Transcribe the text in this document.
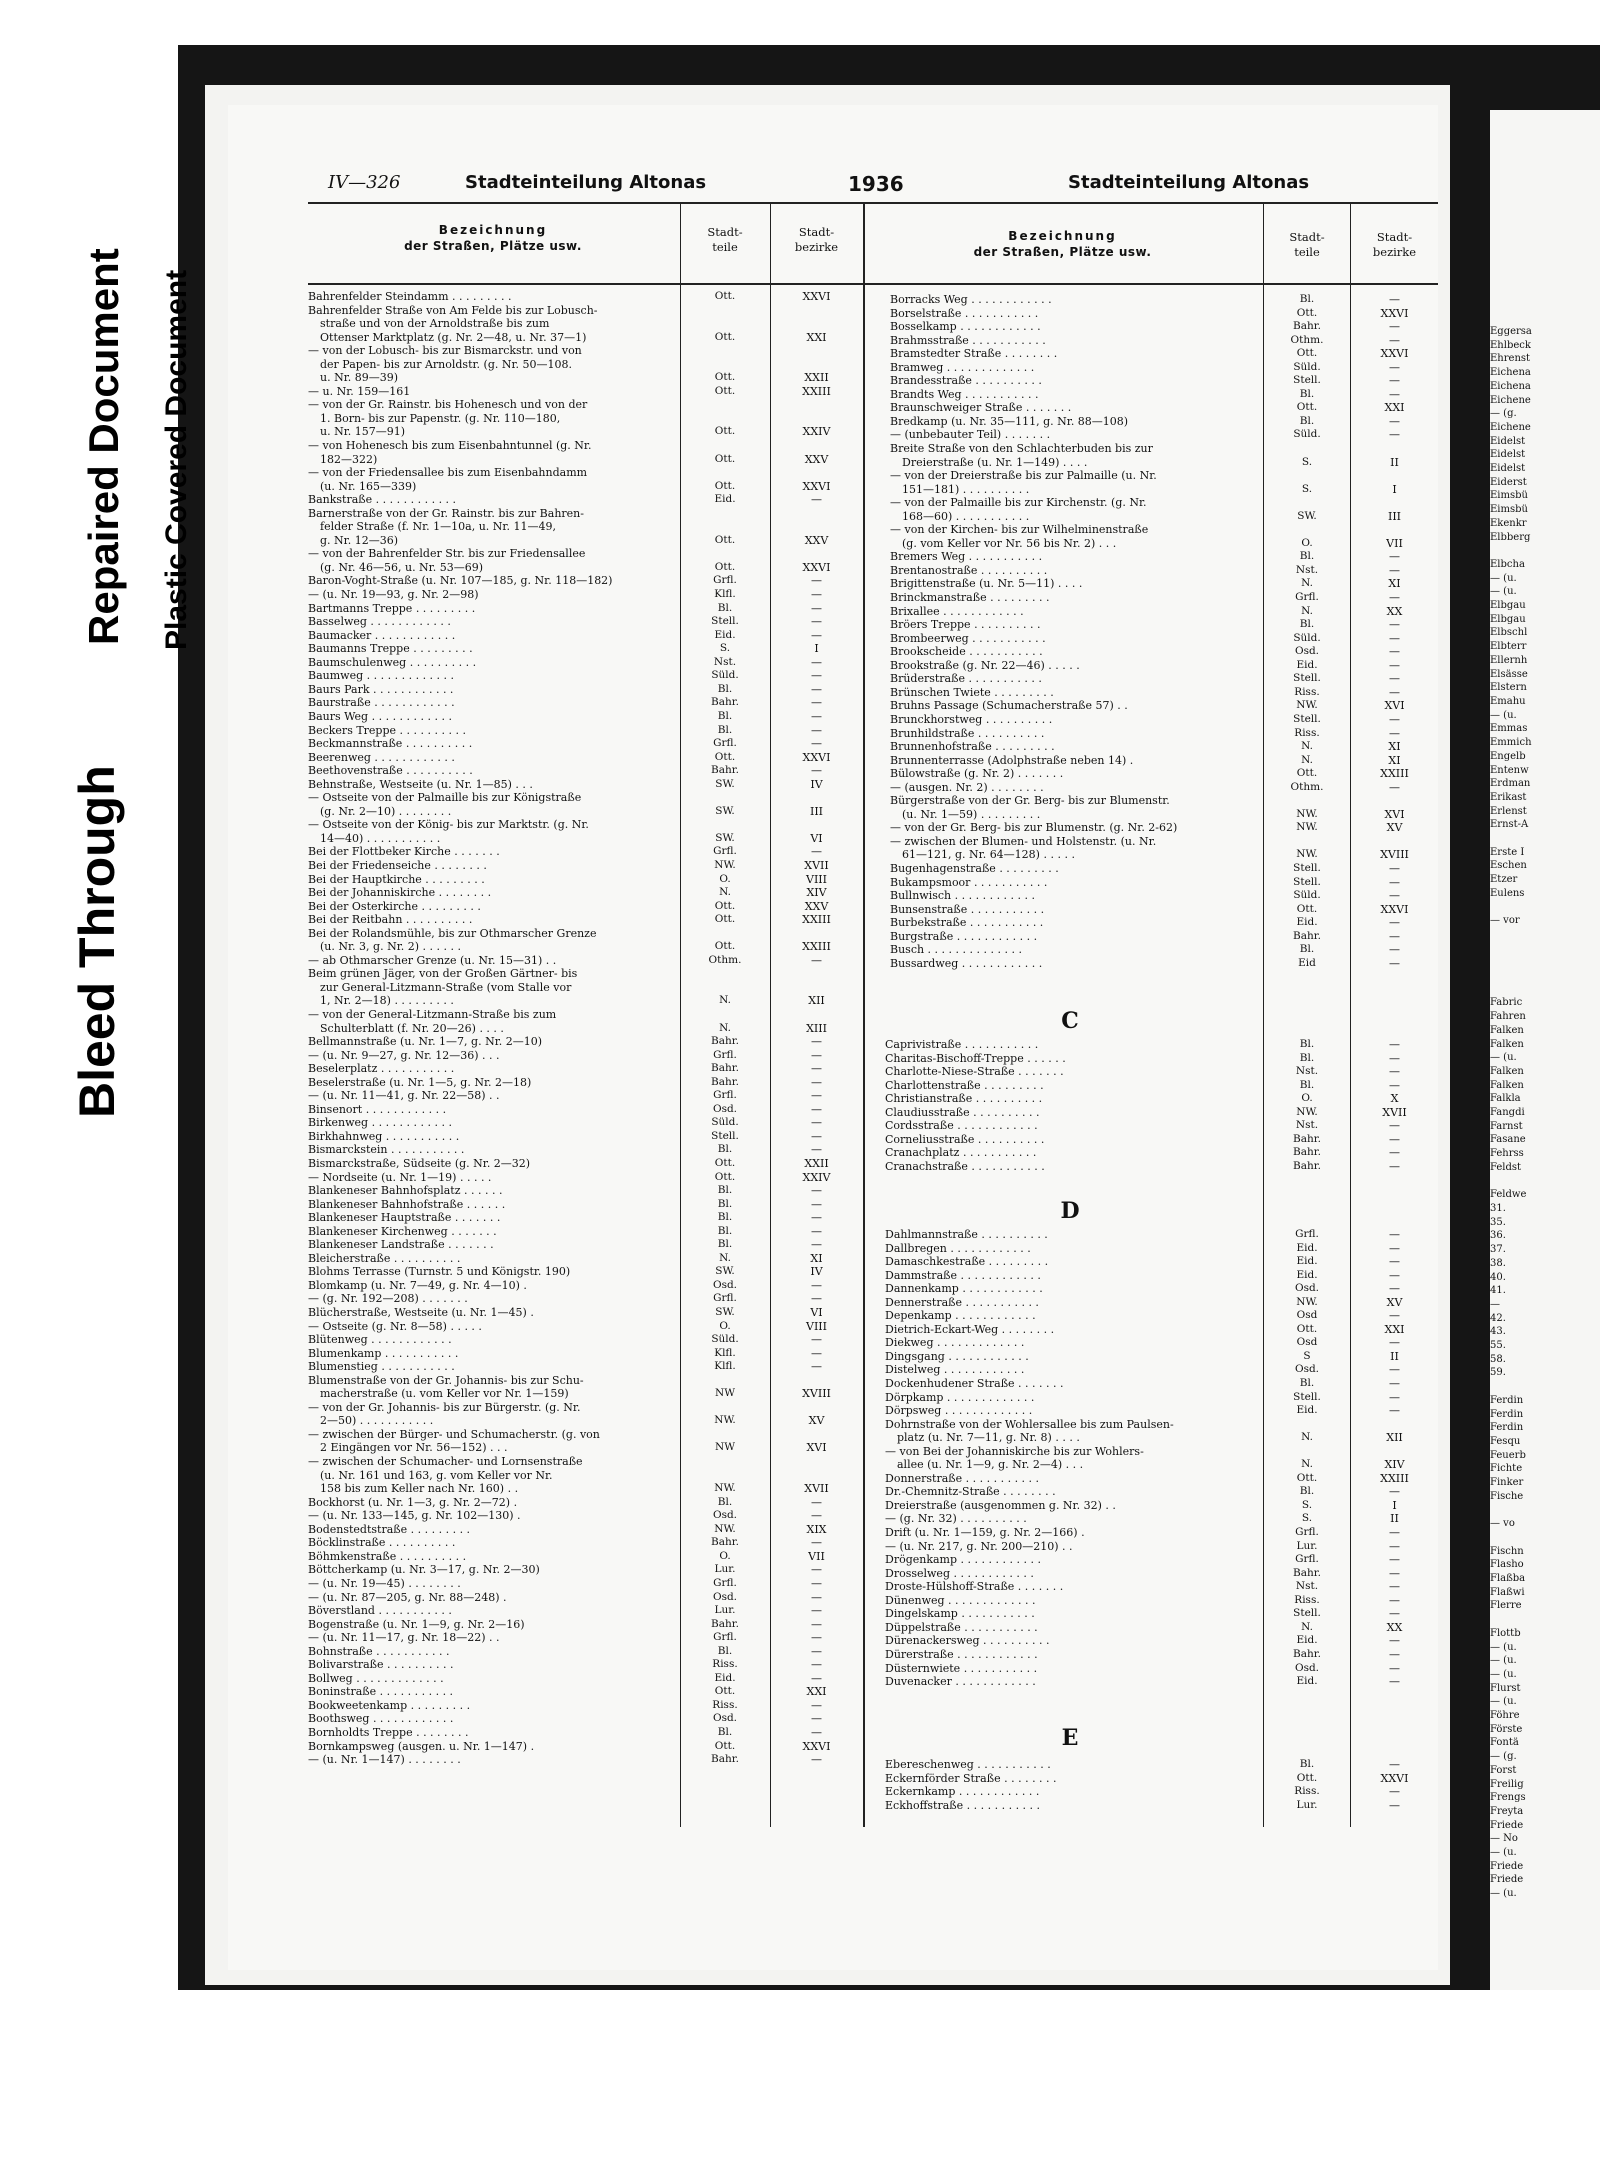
Eggersa
Ehlbeck
Ehrenst
Eichena
Eichena
Eichene
— (g.
Eichene
Eidelst
Eidelst
Eidelst
Eiderst
Eimsbü
Eimsbü
Ekenkr
Elbberg

Elbcha
— (u.
— (u.
Elbgau
Elbgau
Elbschl
Elbterr
Ellernh
Elsässe
Elstern
Emahu
— (u.
Emmas
Emmich
Engelb
Entenw
Erdman
Erikast
Erlenst
Ernst-A

Erste I
Eschen
Etzer
Eulens

— vor

Fabric
Fahren
Falken
Falken
— (u.
Falken
Falken
Falkla
Fangdi
Farnst
Fasane
Fehrss
Feldst

Feldwe
31.
35.
36.
37.
38.
40.
41.
—
42.
43.
55.
58.
59.

Ferdin
Ferdin
Ferdin
Fesqu
Feuerb
Fichte
Finker
Fische

— vo

Fischn
Flasho
Flaßba
Flaßwi
Flerre

Flottb
— (u.
— (u.
— (u.
Flurst
— (u.
Föhre
Förste
Fontä
— (g.
Forst
Freilig
Frengs
Freyta
Friede
— No
— (u.
Friede
Friede
— (u.
Bleed Through
Repaired Document Plastic Covered Document
IV—326	Stadteinteilung Altonas	1936	Stadteinteilung Altonas
Bezeichnung
der Straßen, Plätze usw.
Stadt-
teile
Stadt-
bezirke
Bezeichnung
der Straßen, Plätze usw.
Stadt-
teile
Stadt-
bezirke
Bahrenfelder Steindamm . . . . . . . . .	Ott.	XXVI
Bahrenfelder Straße von Am Felde bis zur Lobusch-
straße und von der Arnoldstraße bis zum
Ottenser Marktplatz (g. Nr. 2—48, u. Nr. 37—1)	Ott.	XXI
— von der Lobusch- bis zur Bismarckstr. und von
der Papen- bis zur Arnoldstr. (g. Nr. 50—108.
u. Nr. 89—39)	Ott.	XXII
— u. Nr. 159—161	Ott.	XXIII
— von der Gr. Rainstr. bis Hohenesch und von der
1. Born- bis zur Papenstr. (g. Nr. 110—180,
u. Nr. 157—91)	Ott.	XXIV
— von Hohenesch bis zum Eisenbahntunnel (g. Nr.
182—322)	Ott.	XXV
— von der Friedensallee bis zum Eisenbahndamm
(u. Nr. 165—339)	Ott.	XXVI
Bankstraße . . . . . . . . . . . .	Eid.	—
Barnerstraße von der Gr. Rainstr. bis zur Bahren-
felder Straße (f. Nr. 1—10a, u. Nr. 11—49,
g. Nr. 12—36)	Ott.	XXV
— von der Bahrenfelder Str. bis zur Friedensallee
(g. Nr. 46—56, u. Nr. 53—69)	Ott.	XXVI
Baron-Voght-Straße (u. Nr. 107—185, g. Nr. 118—182)	Grfl.	—
— (u. Nr. 19—93, g. Nr. 2—98)	Klfl.	—
Bartmanns Treppe . . . . . . . . .	Bl.	—
Basselweg . . . . . . . . . . . .	Stell.	—
Baumacker . . . . . . . . . . . .	Eid.	—
Baumanns Treppe . . . . . . . . .	S.	I
Baumschulenweg . . . . . . . . . .	Nst.	—
Baumweg . . . . . . . . . . . . .	Süld.	—
Baurs Park . . . . . . . . . . . .	Bl.	—
Baurstraße . . . . . . . . . . . .	Bahr.	—
Baurs Weg . . . . . . . . . . . .	Bl.	—
Beckers Treppe . . . . . . . . . .	Bl.	—
Beckmannstraße . . . . . . . . . .	Grfl.	—
Beerenweg . . . . . . . . . . . .	Ott.	XXVI
Beethovenstraße . . . . . . . . . .	Bahr.	—
Behnstraße, Westseite (u. Nr. 1—85) . . .	SW.	IV
— Ostseite von der Palmaille bis zur Königstraße
(g. Nr. 2—10) . . . . . . . .	SW.	III
— Ostseite von der König- bis zur Marktstr. (g. Nr.
14—40) . . . . . . . . . . .	SW.	VI
Bei der Flottbeker Kirche . . . . . . .	Grfl.	—
Bei der Friedenseiche . . . . . . . .	NW.	XVII
Bei der Hauptkirche . . . . . . . . .	O.	VIII
Bei der Johanniskirche . . . . . . . .	N.	XIV
Bei der Osterkirche . . . . . . . . .	Ott.	XXV
Bei der Reitbahn . . . . . . . . . .	Ott.	XXIII
Bei der Rolandsmühle, bis zur Othmarscher Grenze
(u. Nr. 3, g. Nr. 2) . . . . . .	Ott.	XXIII
— ab Othmarscher Grenze (u. Nr. 15—31) . .	Othm.	—
Beim grünen Jäger, von der Großen Gärtner- bis
zur General-Litzmann-Straße (vom Stalle vor
1, Nr. 2—18) . . . . . . . . .	N.	XII
— von der General-Litzmann-Straße bis zum
Schulterblatt (f. Nr. 20—26) . . . .	N.	XIII
Bellmannstraße (u. Nr. 1—7, g. Nr. 2—10)	Bahr.	—
— (u. Nr. 9—27, g. Nr. 12—36) . . .	Grfl.	—
Beselerplatz . . . . . . . . . . .	Bahr.	—
Beselerstraße (u. Nr. 1—5, g. Nr. 2—18)	Bahr.	—
— (u. Nr. 11—41, g. Nr. 22—58) . .	Grfl.	—
Binsenort . . . . . . . . . . . .	Osd.	—
Birkenweg . . . . . . . . . . . .	Süld.	—
Birkhahnweg . . . . . . . . . . .	Stell.	—
Bismarckstein . . . . . . . . . . .	Bl.	—
Bismarckstraße, Südseite (g. Nr. 2—32)	Ott.	XXII
— Nordseite (u. Nr. 1—19) . . . . .	Ott.	XXIV
Blankeneser Bahnhofsplatz . . . . . .	Bl.	—
Blankeneser Bahnhofstraße . . . . . .	Bl.	—
Blankeneser Hauptstraße . . . . . . .	Bl.	—
Blankeneser Kirchenweg . . . . . . .	Bl.	—
Blankeneser Landstraße . . . . . . .	Bl.	—
Bleicherstraße . . . . . . . . . .	N.	XI
Blohms Terrasse (Turnstr. 5 und Königstr. 190)	SW.	IV
Blomkamp (u. Nr. 7—49, g. Nr. 4—10) .	Osd.	—
— (g. Nr. 192—208) . . . . . . .	Grfl.	—
Blücherstraße, Westseite (u. Nr. 1—45) .	SW.	VI
— Ostseite (g. Nr. 8—58) . . . . .	O.	VIII
Blütenweg . . . . . . . . . . . .	Süld.	—
Blumenkamp . . . . . . . . . . .	Klfl.	—
Blumenstieg . . . . . . . . . . .	Klfl.	—
Blumenstraße von der Gr. Johannis- bis zur Schu-
macherstraße (u. vom Keller vor Nr. 1—159)	NW	XVIII
— von der Gr. Johannis- bis zur Bürgerstr. (g. Nr.
2—50) . . . . . . . . . . .	NW.	XV
— zwischen der Bürger- und Schumacherstr. (g. von
2 Eingängen vor Nr. 56—152) . . .	NW	XVI
— zwischen der Schumacher- und Lornsenstraße
(u. Nr. 161 und 163, g. vom Keller vor Nr.
158 bis zum Keller nach Nr. 160) . .	NW.	XVII
Bockhorst (u. Nr. 1—3, g. Nr. 2—72) .	Bl.	—
— (u. Nr. 133—145, g. Nr. 102—130) .	Osd.	—
Bodenstedtstraße . . . . . . . . .	NW.	XIX
Böcklinstraße . . . . . . . . . .	Bahr.	—
Böhmkenstraße . . . . . . . . . .	O.	VII
Böttcherkamp (u. Nr. 3—17, g. Nr. 2—30)	Lur.	—
— (u. Nr. 19—45) . . . . . . . .	Grfl.	—
— (u. Nr. 87—205, g. Nr. 88—248) .	Osd.	—
Böverstland . . . . . . . . . . .	Lur.	—
Bogenstraße (u. Nr. 1—9, g. Nr. 2—16)	Bahr.	—
— (u. Nr. 11—17, g. Nr. 18—22) . .	Grfl.	—
Bohnstraße . . . . . . . . . . .	Bl.	—
Bolivarstraße . . . . . . . . . .	Riss.	—
Bollweg . . . . . . . . . . . . .	Eid.	—
Boninstraße . . . . . . . . . . .	Ott.	XXI
Bookweetenkamp . . . . . . . . .	Riss.	—
Boothsweg . . . . . . . . . . . .	Osd.	—
Bornholdts Treppe . . . . . . . .	Bl.	—
Bornkampsweg (ausgen. u. Nr. 1—147) .	Ott.	XXVI
— (u. Nr. 1—147) . . . . . . . .	Bahr.	—
Borracks Weg . . . . . . . . . . . .	Bl.	—
Borselstraße . . . . . . . . . . .	Ott.	XXVI
Bosselkamp . . . . . . . . . . . .	Bahr.	—
Brahmsstraße . . . . . . . . . . .	Othm.	—
Bramstedter Straße . . . . . . . .	Ott.	XXVI
Bramweg . . . . . . . . . . . . .	Süld.	—
Brandesstraße . . . . . . . . . .	Stell.	—
Brandts Weg . . . . . . . . . . .	Bl.	—
Braunschweiger Straße . . . . . . .	Ott.	XXI
Bredkamp (u. Nr. 35—111, g. Nr. 88—108)	Bl.	—
— (unbebauter Teil) . . . . . . .	Süld.	—
Breite Straße von den Schlachterbuden bis zur
Dreierstraße (u. Nr. 1—149) . . . .	S.	II
— von der Dreierstraße bis zur Palmaille (u. Nr.
151—181) . . . . . . . . . .	S.	I
— von der Palmaille bis zur Kirchenstr. (g. Nr.
168—60) . . . . . . . . . . .	SW.	III
— von der Kirchen- bis zur Wilhelminenstraße
(g. vom Keller vor Nr. 56 bis Nr. 2) . . .	O.	VII
Bremers Weg . . . . . . . . . . .	Bl.	—
Brentanostraße . . . . . . . . . .	Nst.	—
Brigittenstraße (u. Nr. 5—11) . . . .	N.	XI
Brinckmanstraße . . . . . . . . .	Grfl.	—
Brixallee . . . . . . . . . . . .	N.	XX
Bröers Treppe . . . . . . . . . .	Bl.	—
Brombeerweg . . . . . . . . . . .	Süld.	—
Brookscheide . . . . . . . . . . .	Osd.	—
Brookstraße (g. Nr. 22—46) . . . . .	Eid.	—
Brüderstraße . . . . . . . . . . .	Stell.	—
Brünschen Twiete . . . . . . . . .	Riss.	—
Bruhns Passage (Schumacherstraße 57) . .	NW.	XVI
Brunckhorstweg . . . . . . . . . .	Stell.	—
Brunhildstraße . . . . . . . . . .	Riss.	—
Brunnenhofstraße . . . . . . . . .	N.	XI
Brunnenterrasse (Adolphstraße neben 14) .	N.	XI
Bülowstraße (g. Nr. 2) . . . . . . .	Ott.	XXIII
— (ausgen. Nr. 2) . . . . . . . .	Othm.	—
Bürgerstraße von der Gr. Berg- bis zur Blumenstr.
(u. Nr. 1—59) . . . . . . . . .	NW.	XVI
— von der Gr. Berg- bis zur Blumenstr. (g. Nr. 2-62)	NW.	XV
— zwischen der Blumen- und Holstenstr. (u. Nr.
61—121, g. Nr. 64—128) . . . . .	NW.	XVIII
Bugenhagenstraße . . . . . . . . .	Stell.	—
Bukampsmoor . . . . . . . . . . .	Stell.	—
Bullnwisch . . . . . . . . . . . .	Süld.	—
Bunsenstraße . . . . . . . . . . .	Ott.	XXVI
Burbekstraße . . . . . . . . . . .	Eid.	—
Burgstraße . . . . . . . . . . . .	Bahr.	—
Busch . . . . . . . . . . . . . .	Bl.	—
Bussardweg . . . . . . . . . . . .	Eid	—
C
Caprivistraße . . . . . . . . . . .	Bl.	—
Charitas-Bischoff-Treppe . . . . . .	Bl.	—
Charlotte-Niese-Straße . . . . . . .	Nst.	—
Charlottenstraße . . . . . . . . .	Bl.	—
Christianstraße . . . . . . . . . .	O.	X
Claudiusstraße . . . . . . . . . .	NW.	XVII
Cordsstraße . . . . . . . . . . . .	Nst.	—
Corneliusstraße . . . . . . . . . .	Bahr.	—
Cranachplatz . . . . . . . . . . .	Bahr.	—
Cranachstraße . . . . . . . . . . .	Bahr.	—
D
Dahlmannstraße . . . . . . . . . .	Grfl.	—
Dallbregen . . . . . . . . . . . .	Eid.	—
Damaschkestraße . . . . . . . . .	Eid.	—
Dammstraße . . . . . . . . . . . .	Eid.	—
Dannenkamp . . . . . . . . . . . .	Osd.	—
Dennerstraße . . . . . . . . . . .	NW.	XV
Depenkamp . . . . . . . . . . . .	Osd	—
Dietrich-Eckart-Weg . . . . . . . .	Ott.	XXI
Diekweg . . . . . . . . . . . . .	Osd	—
Dingsgang . . . . . . . . . . . .	S	II
Distelweg . . . . . . . . . . . .	Osd.	—
Dockenhudener Straße . . . . . . .	Bl.	—
Dörpkamp . . . . . . . . . . . . .	Stell.	—
Dörpsweg . . . . . . . . . . . . .	Eid.	—
Dohrnstraße von der Wohlersallee bis zum Paulsen-
platz (u. Nr. 7—11, g. Nr. 8) . . . .	N.	XII
— von Bei der Johanniskirche bis zur Wohlers-
allee (u. Nr. 1—9, g. Nr. 2—4) . . .	N.	XIV
Donnerstraße . . . . . . . . . . .	Ott.	XXIII
Dr.-Chemnitz-Straße . . . . . . . .	Bl.	—
Dreierstraße (ausgenommen g. Nr. 32) . .	S.	I
— (g. Nr. 32) . . . . . . . . . .	S.	II
Drift (u. Nr. 1—159, g. Nr. 2—166) .	Grfl.	—
— (u. Nr. 217, g. Nr. 200—210) . .	Lur.	—
Drögenkamp . . . . . . . . . . . .	Grfl.	—
Drosselweg . . . . . . . . . . . .	Bahr.	—
Droste-Hülshoff-Straße . . . . . . .	Nst.	—
Dünenweg . . . . . . . . . . . . .	Riss.	—
Dingelskamp . . . . . . . . . . .	Stell.	—
Düppelstraße . . . . . . . . . . .	N.	XX
Dürenackersweg . . . . . . . . . .	Eid.	—
Dürerstraße . . . . . . . . . . . .	Bahr.	—
Düsternwiete . . . . . . . . . . .	Osd.	—
Duvenacker . . . . . . . . . . . .	Eid.	—
E
Ebereschenweg . . . . . . . . . . .	Bl.	—
Eckernförder Straße . . . . . . . .	Ott.	XXVI
Eckernkamp . . . . . . . . . . . .	Riss.	—
Eckhoffstraße . . . . . . . . . . .	Lur.	—
